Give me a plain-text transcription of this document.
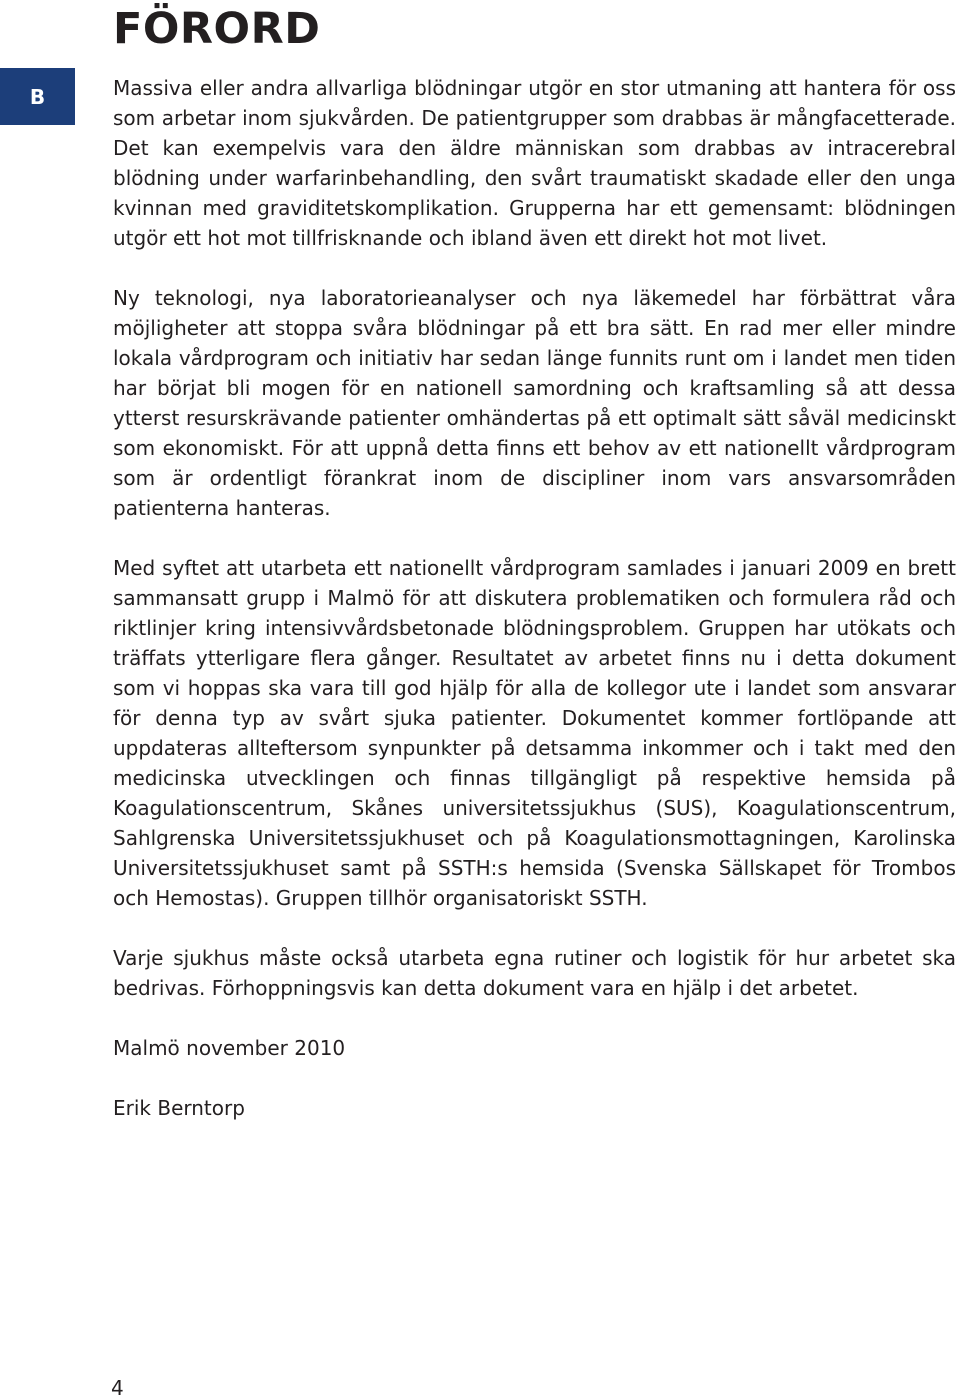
FÖRORD
B	Massiva eller andra allvarliga blödningar utgör en stor utmaning att hantera för oss som arbetar inom sjukvården. De patientgrupper som drabbas är mångfacetterade. Det kan exempelvis vara den äldre människan som drabbas av intracerebral blödning under warfarinbehandling, den svårt traumatiskt skadade eller den unga kvinnan med graviditetskomplikation. Grupperna har ett gemensamt: blödningen utgör ett hot mot tillfrisknande och ibland även ett direkt hot mot livet.

Ny teknologi, nya laboratorieanalyser och nya läkemedel har förbättrat våra möjligheter att stoppa svåra blödningar på ett bra sätt. En rad mer eller mindre lokala vårdprogram och initiativ har sedan länge funnits runt om i landet men tiden har börjat bli mogen för en nationell samordning och kraftsamling så att dessa ytterst resurskrävande patienter omhändertas på ett optimalt sätt såväl medicinskt som ekonomiskt. För att uppnå detta finns ett behov av ett nationellt vårdprogram som är ordentligt förankrat inom de discipliner inom vars ansvarsområden patienterna hanteras.

Med syftet att utarbeta ett nationellt vårdprogram samlades i januari 2009 en brett sammansatt grupp i Malmö för att diskutera problematiken och formulera råd och riktlinjer kring intensivvårdsbetonade blödningsproblem. Gruppen har utökats och träffats ytterligare flera gånger. Resultatet av arbetet finns nu i detta dokument som vi hoppas ska vara till god hjälp för alla de kollegor ute i landet som ansvarar för denna typ av svårt sjuka patienter. Dokumentet kommer fortlöpande att uppdateras allteftersom synpunkter på detsamma inkommer och i takt med den medicinska utvecklingen och finnas tillgängligt på respektive hemsida på Koagulationscentrum, Skånes universitetssjukhus (SUS), Koagulationscentrum, Sahlgrenska Universitetssjukhuset och på Koagulationsmottagningen, Karolinska Universitetssjukhuset samt på SSTH:s hemsida (Svenska Sällskapet för Trombos och Hemostas). Gruppen tillhör organisatoriskt SSTH.

Varje sjukhus måste också utarbeta egna rutiner och logistik för hur arbetet ska bedrivas. Förhoppningsvis kan detta dokument vara en hjälp i det arbetet.

Malmö november 2010

Erik Berntorp

4
